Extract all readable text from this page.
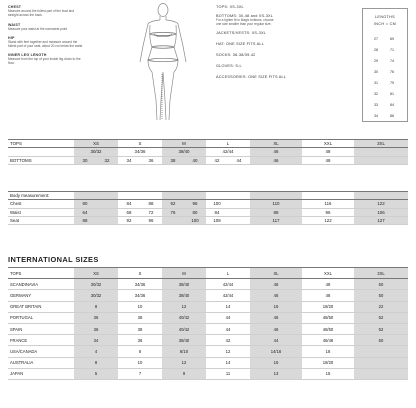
CHEST
Measure around the fullest part of the bust and straight across the back.
WAIST
Measure your waist at the narrowest point
HIP
Stand with feet together and measure around the fullest part of your seat, about 20 cm below the waist
INNER LEG LENGTH
Measure from the top of your inside leg down to the floor.
TOPS: XS-3XL
BOTTOMS: 30-48 and XS-3XL
For a tighter fit in Magic bottoms, choose
one size smaller than your regular size.
JACKETS/VESTS: XS-3XL
HAT: ONE SIZE FITS ALL
SOCKS: 36-38/39-42
GLOVES: S-L
ACCESSORIES: ONE SIZE FITS ALL
LENGTHS
INCH = CM
27	69
28	71
29	74
30	76
31	79
32	81
33	84
34	86
TOPS	XS		S		M		L		XL	XXL	3XL
	30/32		34/36		38/40		42/44		46	48	
BOTTOMS	30	32	34	36	38	40	42	44	46	48	
Body measurement:											
Chest	80		84	88	92	96	100		110	116	122
Waist	64		68	72	76	80	84		88	96	106
Seat	88		92	96		100	108		117	122	127
INTERNATIONAL SIZES
TOPS	XS	S	M	L	XL	XXL	3XL
SCANDINAVIA	30/32	34/36	38/40	42/44	46	48	50
GERMANY	30/32	34/36	38/40	42/44	46	48	50
GREAT BRITAIN	8	10	12	14	16	18/20	22
PORTUGAL	36	38	40/42	44	46	48/50	52
SPAIN	36	38	40/42	44	46	48/50	52
FRANCE	34	36	38/40	42	44	46/48	50
USA/CANADA	4	6	8/10	12	14/16	18	
AUSTRALIA	8	10	12	14	16	18/20	
JAPAN	5	7	9	11	13	15	
